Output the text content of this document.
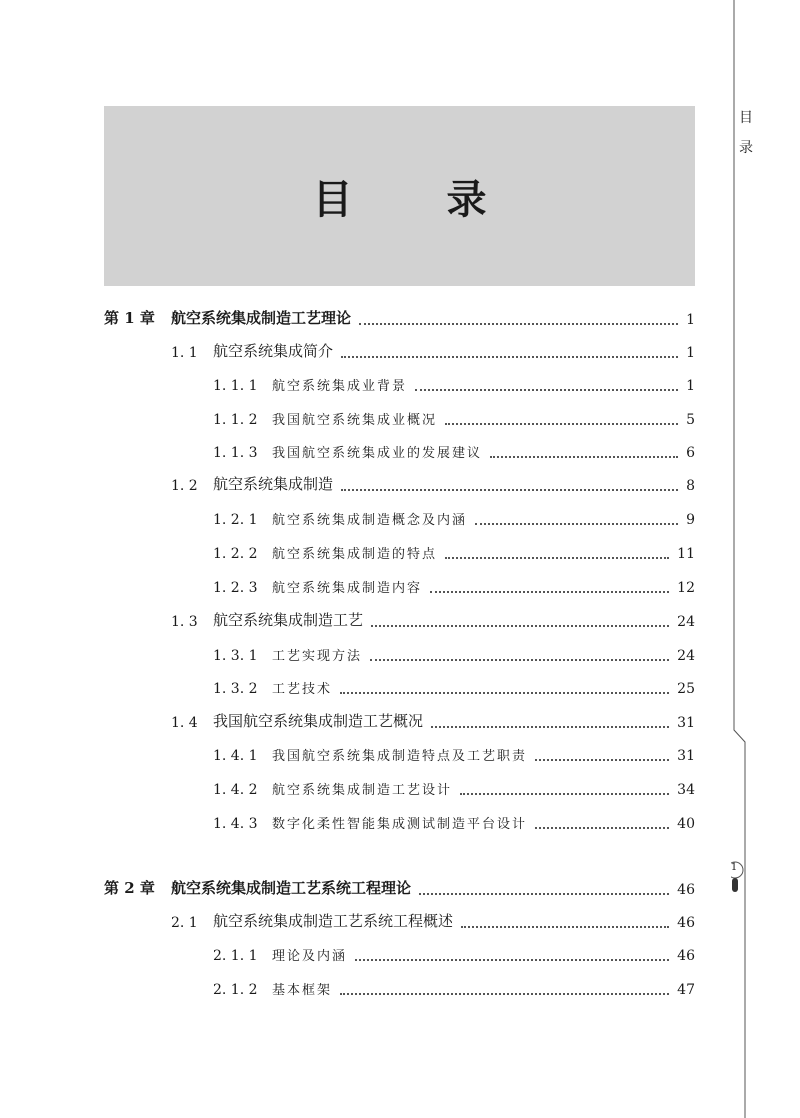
目
录
1
目 录
第 1 章 航空系统集成制造工艺理论	1
1. 1 航空系统集成简介	1
1. 1. 1 航空系统集成业背景	1
1. 1. 2 我国航空系统集成业概况	5
1. 1. 3 我国航空系统集成业的发展建议	6
1. 2 航空系统集成制造	8
1. 2. 1 航空系统集成制造概念及内涵	9
1. 2. 2 航空系统集成制造的特点	11
1. 2. 3 航空系统集成制造内容	12
1. 3 航空系统集成制造工艺	24
1. 3. 1 工艺实现方法	24
1. 3. 2 工艺技术	25
1. 4 我国航空系统集成制造工艺概况	31
1. 4. 1 我国航空系统集成制造特点及工艺职责	31
1. 4. 2 航空系统集成制造工艺设计	34
1. 4. 3 数字化柔性智能集成测试制造平台设计	40
第 2 章 航空系统集成制造工艺系统工程理论	46
2. 1 航空系统集成制造工艺系统工程概述	46
2. 1. 1 理论及内涵	46
2. 1. 2 基本框架	47
